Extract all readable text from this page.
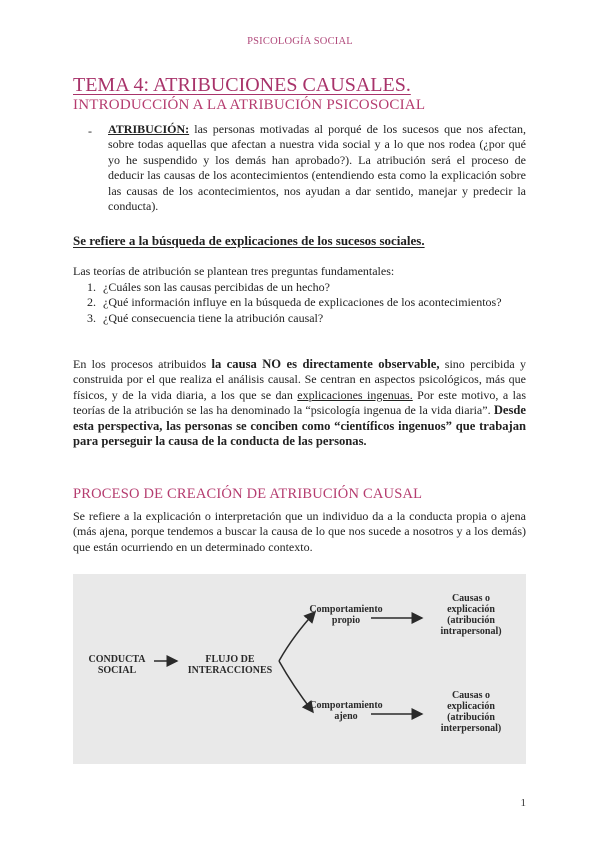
PSICOLOGÍA SOCIAL
TEMA 4: ATRIBUCIONES CAUSALES.
INTRODUCCIÓN A LA ATRIBUCIÓN PSICOSOCIAL
- ATRIBUCIÓN: las personas motivadas al porqué de los sucesos que nos afectan, sobre todas aquellas que afectan a nuestra vida social y a lo que nos rodea (¿por qué yo he suspendido y los demás han aprobado?). La atribución será el proceso de deducir las causas de los acontecimientos (entendiendo esta como la explicación sobre las causas de los acontecimientos, nos ayudan a dar sentido, manejar y predecir la conducta).
Se refiere a la búsqueda de explicaciones de los sucesos sociales.
Las teorías de atribución se plantean tres preguntas fundamentales:
1. ¿Cuáles son las causas percibidas de un hecho?
2. ¿Qué información influye en la búsqueda de explicaciones de los acontecimientos?
3. ¿Qué consecuencia tiene la atribución causal?
En los procesos atribuidos la causa NO es directamente observable, sino percibida y construida por el que realiza el análisis causal. Se centran en aspectos psicológicos, más que físicos, y de la vida diaria, a los que se dan explicaciones ingenuas. Por este motivo, a las teorías de la atribución se las ha denominado la “psicología ingenua de la vida diaria”. Desde esta perspectiva, las personas se conciben como “científicos ingenuos” que trabajan para perseguir la causa de la conducta de las personas.
PROCESO DE CREACIÓN DE ATRIBUCIÓN CAUSAL
Se refiere a la explicación o interpretación que un individuo da a la conducta propia o ajena (más ajena, porque tendemos a buscar la causa de lo que nos sucede a nosotros y a los demás) que están ocurriendo en un determinado contexto.
CONDUCTA
SOCIAL
FLUJO DE
INTERACCIONES
Comportamiento
propio
Comportamiento
ajeno
Causas o
explicación
(atribución
intrapersonal)
Causas o
explicación
(atribución
interpersonal)
1
